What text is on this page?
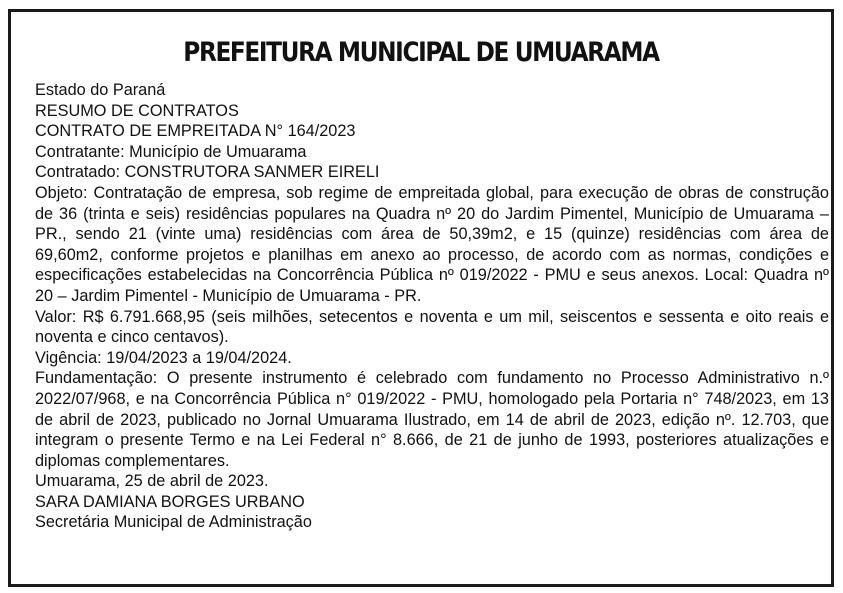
PREFEITURA MUNICIPAL DE UMUARAMA
Estado do Paraná
RESUMO DE CONTRATOS
CONTRATO DE EMPREITADA N° 164/2023
Contratante: Município de Umuarama
Contratado: CONSTRUTORA SANMER EIRELI
Objeto: Contratação de empresa, sob regime de empreitada global, para execução de obras de construção de 36 (trinta e seis) residências populares na Quadra nº 20 do Jardim Pimentel, Município de Umuarama – PR., sendo 21 (vinte uma) residências com área de 50,39m2, e 15 (quinze) residências com área de 69,60m2, conforme projetos e planilhas em anexo ao processo, de acordo com as normas, condições e especificações estabelecidas na Concorrência Pública nº 019/2022 - PMU e seus anexos. Local: Quadra nº 20 – Jardim Pimentel - Município de Umuarama - PR.
Valor: R$ 6.791.668,95 (seis milhões, setecentos e noventa e um mil, seiscentos e sessenta e oito reais e noventa e cinco centavos).
Vigência: 19/04/2023 a 19/04/2024.
Fundamentação: O presente instrumento é celebrado com fundamento no Processo Administrativo n.º 2022/07/968, e na Concorrência Pública n° 019/2022 - PMU, homologado pela Portaria n° 748/2023, em 13 de abril de 2023, publicado no Jornal Umuarama Ilustrado, em 14 de abril de 2023, edição nº. 12.703, que integram o presente Termo e na Lei Federal n° 8.666, de 21 de junho de 1993, posteriores atualizações e diplomas complementares.
Umuarama, 25 de abril de 2023.
SARA DAMIANA BORGES URBANO
Secretária Municipal de Administração
